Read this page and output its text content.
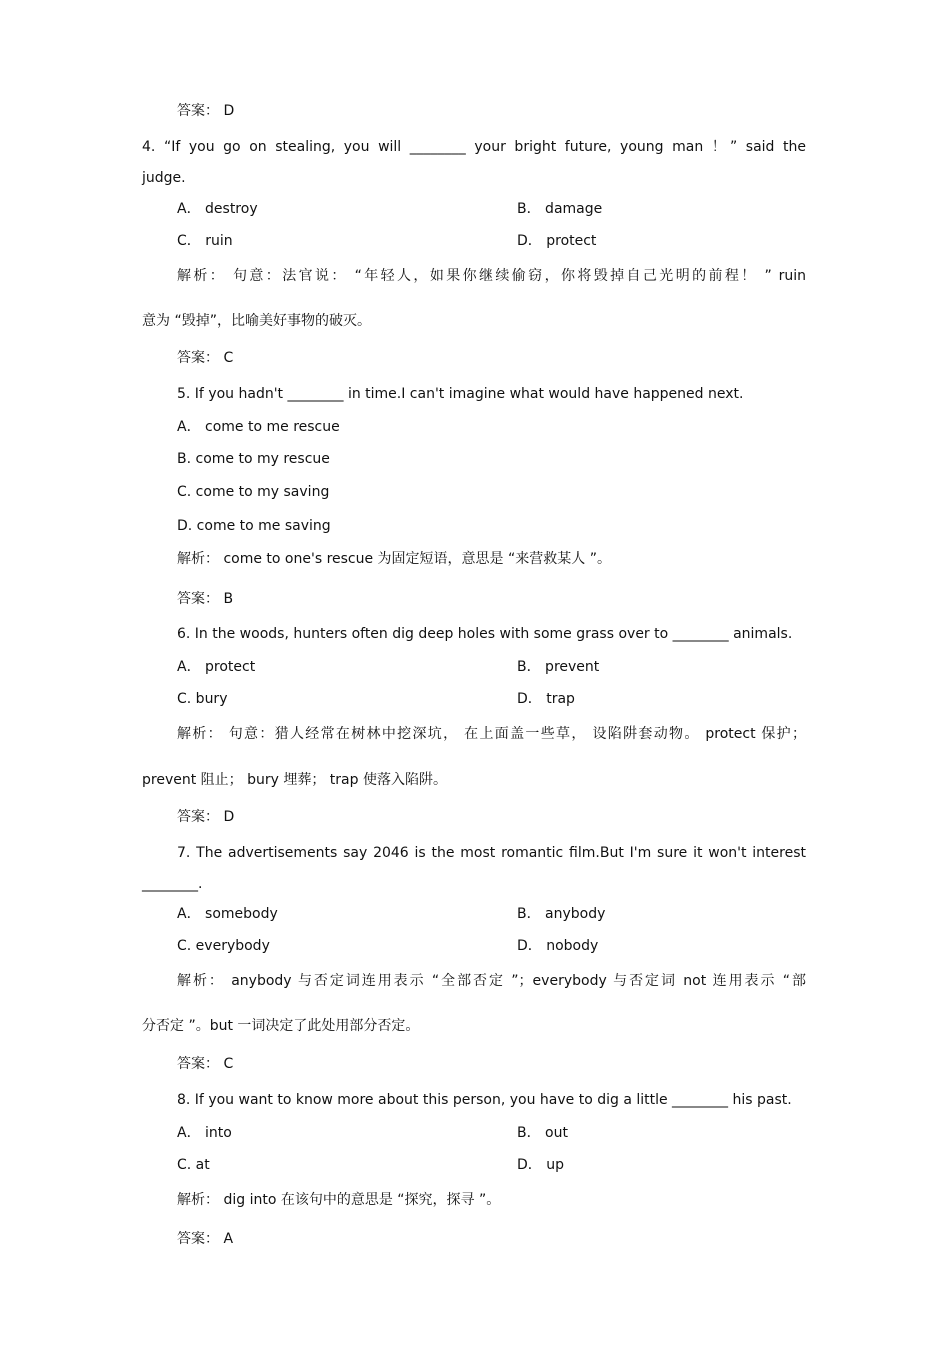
答案： D
4. “If you go on stealing, you will ________ your bright future, young man ！” said the
judge.
A． destroy	B． damage
C． ruin	D． protect
解析： 句意：法官说： “年轻人，如果你继续偷窃，你将毁掉自己光明的前程！ ” ruin
意为 “毁掉”，比喻美好事物的破灭。
答案： C
5. If you hadn't ________ in time.I can't imagine what would have happened next.
A． come to me rescue
B. come to my rescue
C. come to my saving
D. come to me saving
解析： come to one's rescue 为固定短语，意思是 “来营救某人 ”。
答案： B
6. In the woods, hunters often dig deep holes with some grass over to ________ animals.
A． protect	B． prevent
C. bury	D． trap
解析： 句意：猎人经常在树林中挖深坑， 在上面盖一些草， 设陷阱套动物。 protect 保护；
prevent 阻止； bury 埋葬； trap 使落入陷阱。
答案： D
7. The advertisements say 2046 is the most romantic film.But I'm sure it won't interest
________.
A． somebody	B． anybody
C. everybody	D． nobody
解析： anybody 与否定词连用表示 “全部否定 ”；everybody 与否定词 not 连用表示 “部
分否定 ”。but 一词决定了此处用部分否定。
答案： C
8. If you want to know more about this person, you have to dig a little ________ his past.
A． into	B． out
C. at	D． up
解析： dig into 在该句中的意思是 “探究，探寻 ”。
答案： A
